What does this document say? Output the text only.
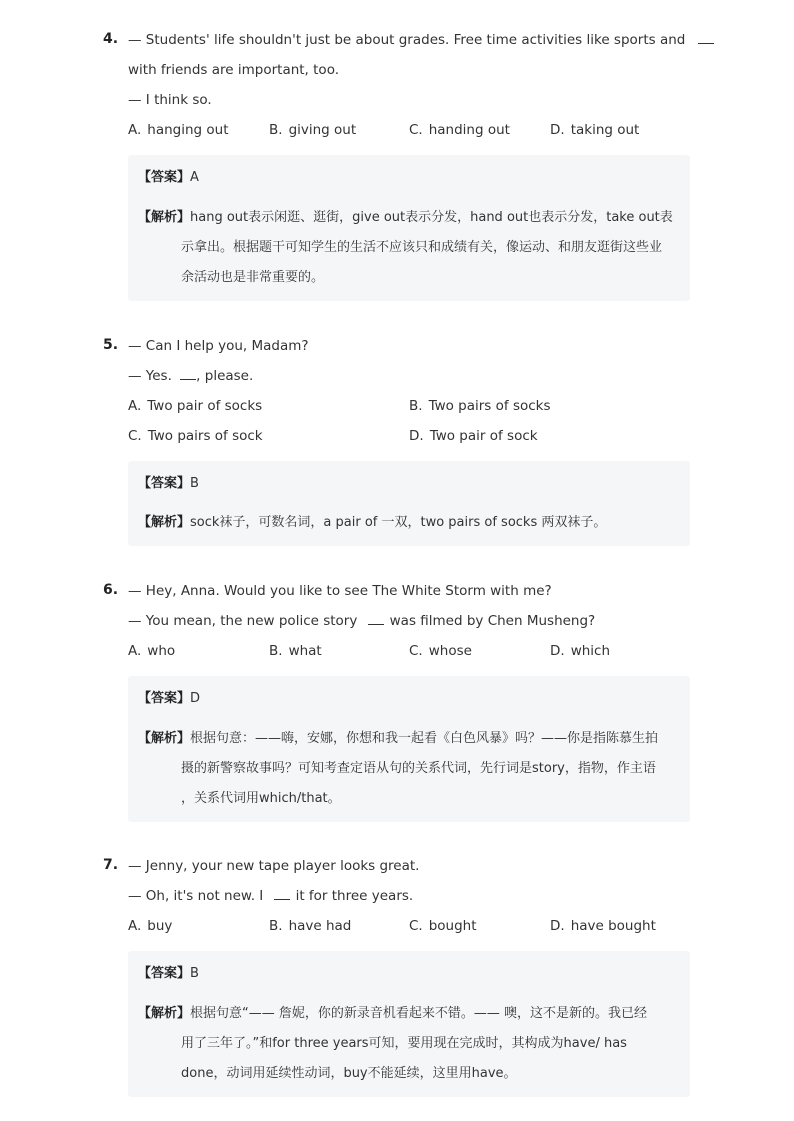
4. — Students' life shouldn't just be about grades. Free time activities like sports and
with friends are important, too.
— I think so.
A. hanging out	B. giving out	C. handing out	D. taking out
【答案】A
【解析】hang out表示闲逛、逛街，give out表示分发，hand out也表示分发，take out表
示拿出。根据题干可知学生的生活不应该只和成绩有关，像运动、和朋友逛街这些业
余活动也是非常重要的。
5. — Can I help you, Madam?
— Yes. , please.
A. Two pair of socks	B. Two pairs of socks
C. Two pairs of sock	D. Two pair of sock
【答案】B
【解析】sock袜子，可数名词，a pair of 一双，two pairs of socks 两双袜子。
6. — Hey, Anna. Would you like to see The White Storm with me?
— You mean, the new police story was filmed by Chen Musheng?
A. who	B. what	C. whose	D. which
【答案】D
【解析】根据句意：——嗨，安娜，你想和我一起看《白色风暴》吗？——你是指陈慕生拍
摄的新警察故事吗？可知考查定语从句的关系代词，先行词是story，指物，作主语
，关系代词用which/that。
7. — Jenny, your new tape player looks great.
— Oh, it's not new. I it for three years.
A. buy	B. have had	C. bought	D. have bought
【答案】B
【解析】根据句意“—— 詹妮，你的新录音机看起来不错。—— 噢，这不是新的。我已经
用了三年了。”和for three years可知，要用现在完成时，其构成为have/ has
done，动词用延续性动词，buy不能延续，这里用have。
